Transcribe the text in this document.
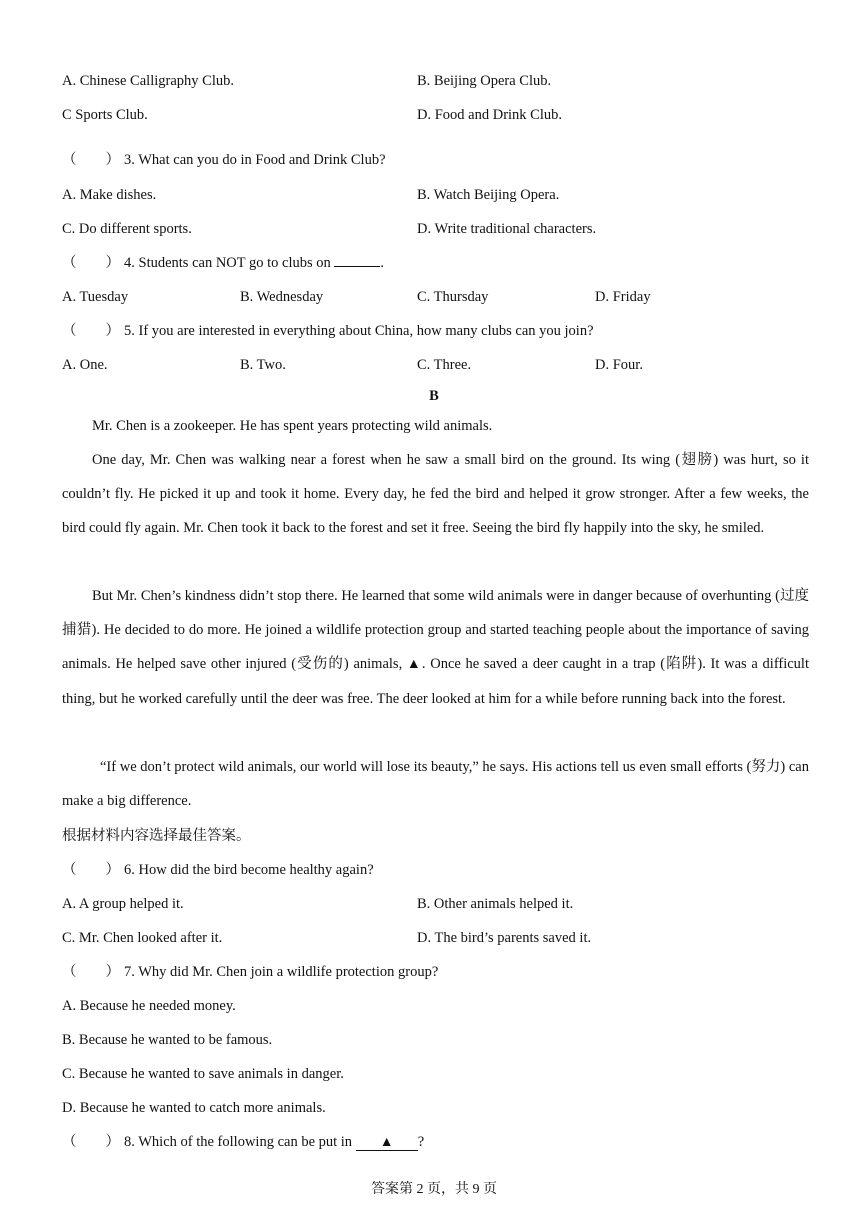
A. Chinese Calligraphy Club.	B. Beijing Opera Club.
C Sports Club.	D. Food and Drink Club.
（　　） 3. What can you do in Food and Drink Club?
A. Make dishes.	B. Watch Beijing Opera.
C. Do different sports.	D. Write traditional characters.
（　　） 4. Students can NOT go to clubs on	.
A. Tuesday	B. Wednesday	C. Thursday	D. Friday
（　　） 5. If you are interested in everything about China, how many clubs can you join?
A. One.	B. Two.	C. Three.	D. Four.
B
Mr. Chen is a zookeeper. He has spent years protecting wild animals.
One day, Mr. Chen was walking near a forest when he saw a small bird on the ground. Its wing (翅膀) was hurt, so it couldn’t fly. He picked it up and took it home. Every day, he fed the bird and helped it grow stronger. After a few weeks, the bird could fly again. Mr. Chen took it back to the forest and set it free. Seeing the bird fly happily into the sky, he smiled.
But Mr. Chen’s kindness didn’t stop there. He learned that some wild animals were in danger because of overhunting (过度捕猎). He decided to do more. He joined a wildlife protection group and started teaching people about the importance of saving animals. He helped save other injured (受伤的) animals, ▲. Once he saved a deer caught in a trap (陷阱). It was a difficult thing, but he worked carefully until the deer was free. The deer looked at him for a while before running back into the forest.
“If we don’t protect wild animals, our world will lose its beauty,” he says. His actions tell us even small efforts (努力) can make a big difference.
根据材料内容选择最佳答案。
（　　） 6. How did the bird become healthy again?
A. A group helped it.	B. Other animals helped it.
C. Mr. Chen looked after it.	D. The bird’s parents saved it.
（　　） 7. Why did Mr. Chen join a wildlife protection group?
A. Because he needed money.
B. Because he wanted to be famous.
C. Because he wanted to save animals in danger.
D. Because he wanted to catch more animals.
（　　） 8. Which of the following can be put in ▲ ?
答案第 2 页，共 9 页
